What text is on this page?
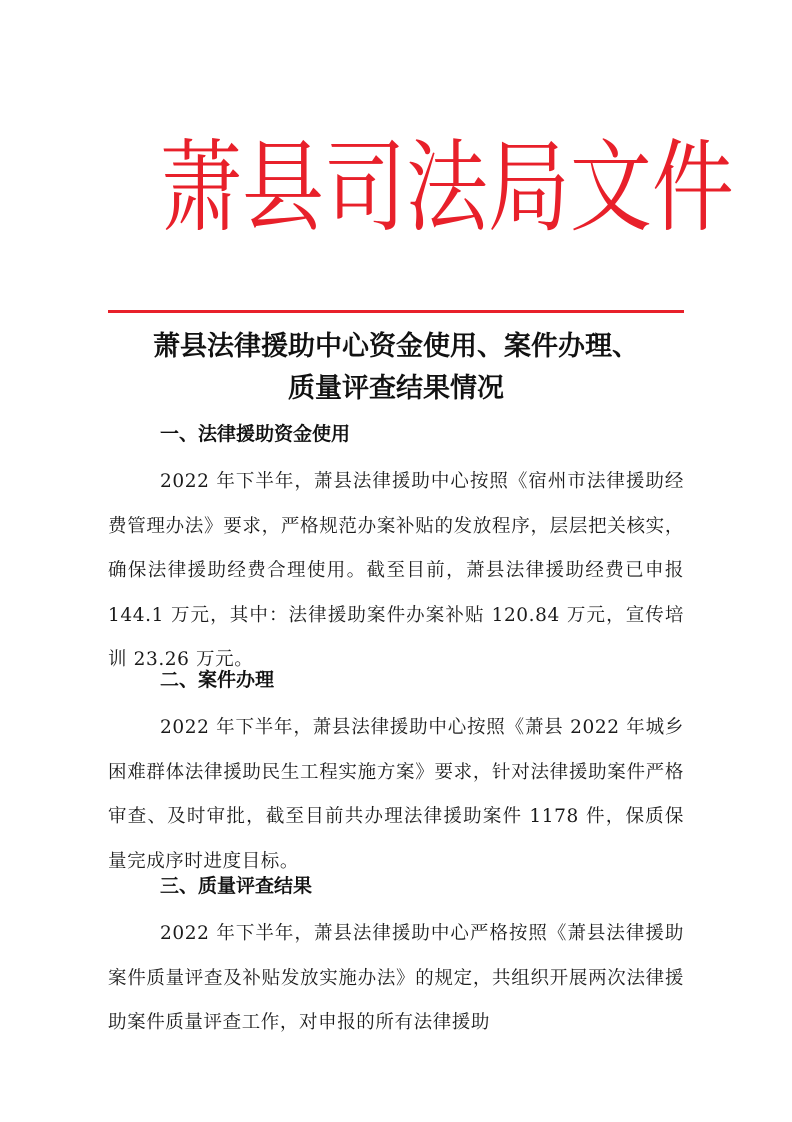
萧县司法局文件
萧县法律援助中心资金使用、案件办理、
质量评查结果情况
一、法律援助资金使用

2022 年下半年，萧县法律援助中心按照《宿州市法律援助经费管理办法》要求，严格规范办案补贴的发放程序，层层把关核实，确保法律援助经费合理使用。截至目前，萧县法律援助经费已申报 144.1 万元，其中：法律援助案件办案补贴 120.84 万元，宣传培训 23.26 万元。

二、案件办理

2022 年下半年，萧县法律援助中心按照《萧县 2022 年城乡困难群体法律援助民生工程实施方案》要求，针对法律援助案件严格审查、及时审批，截至目前共办理法律援助案件 1178 件，保质保量完成序时进度目标。

三、质量评查结果

2022 年下半年，萧县法律援助中心严格按照《萧县法律援助案件质量评查及补贴发放实施办法》的规定，共组织开展两次法律援助案件质量评查工作，对申报的所有法律援助
